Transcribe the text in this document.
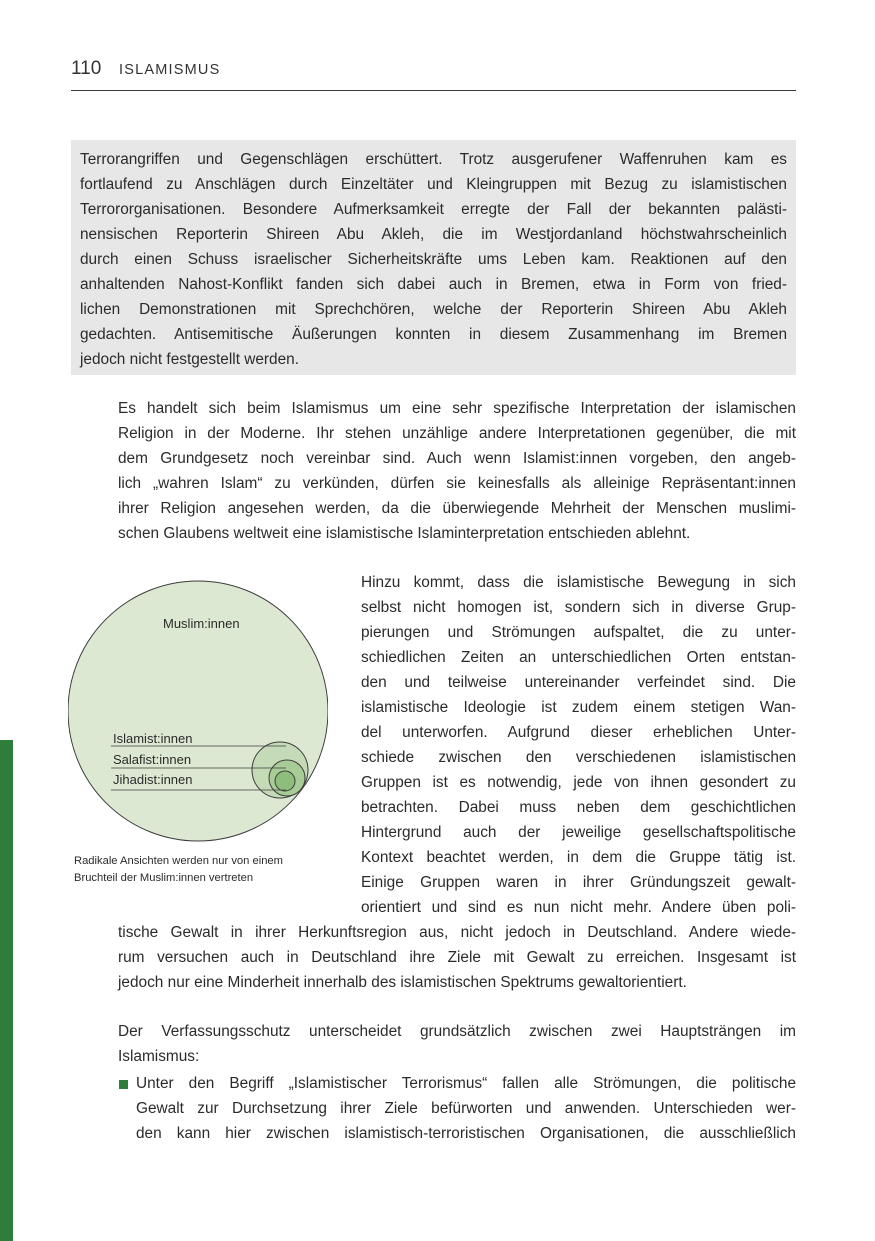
110 ISLAMISMUS
Terrorangriffen und Gegenschlägen erschüttert. Trotz ausgerufener Waffenruhen kam es
fortlaufend zu Anschlägen durch Einzeltäter und Kleingruppen mit Bezug zu islamistischen
Terrororganisationen. Besondere Aufmerksamkeit erregte der Fall der bekannten palästi-
nensischen Reporterin Shireen Abu Akleh, die im Westjordanland höchstwahrscheinlich
durch einen Schuss israelischer Sicherheitskräfte ums Leben kam. Reaktionen auf den
anhaltenden Nahost-Konflikt fanden sich dabei auch in Bremen, etwa in Form von fried-
lichen Demonstrationen mit Sprechchören, welche der Reporterin Shireen Abu Akleh
gedachten. Antisemitische Äußerungen konnten in diesem Zusammenhang im Bremen
jedoch nicht festgestellt werden.
Es handelt sich beim Islamismus um eine sehr spezifische Interpretation der islamischen
Religion in der Moderne. Ihr stehen unzählige andere Interpretationen gegenüber, die mit
dem Grundgesetz noch vereinbar sind. Auch wenn Islamist:innen vorgeben, den angeb-
lich „wahren Islam“ zu verkünden, dürfen sie keinesfalls als alleinige Repräsentant:innen
ihrer Religion angesehen werden, da die überwiegende Mehrheit der Menschen muslimi-
schen Glaubens weltweit eine islamistische Islaminterpretation entschieden ablehnt.
Muslim:innen
Islamist:innen
Salafist:innen
Jihadist:innen
Radikale Ansichten werden nur von einem
Bruchteil der Muslim:innen vertreten
Hinzu kommt, dass die islamistische Bewegung in sich
selbst nicht homogen ist, sondern sich in diverse Grup-
pierungen und Strömungen aufspaltet, die zu unter-
schiedlichen Zeiten an unterschiedlichen Orten entstan-
den und teilweise untereinander verfeindet sind. Die
islamistische Ideologie ist zudem einem stetigen Wan-
del unterworfen. Aufgrund dieser erheblichen Unter-
schiede zwischen den verschiedenen islamistischen
Gruppen ist es notwendig, jede von ihnen gesondert zu
betrachten. Dabei muss neben dem geschichtlichen
Hintergrund auch der jeweilige gesellschaftspolitische
Kontext beachtet werden, in dem die Gruppe tätig ist.
Einige Gruppen waren in ihrer Gründungszeit gewalt-
orientiert und sind es nun nicht mehr. Andere üben poli-
tische Gewalt in ihrer Herkunftsregion aus, nicht jedoch in Deutschland. Andere wiede-
rum versuchen auch in Deutschland ihre Ziele mit Gewalt zu erreichen. Insgesamt ist
jedoch nur eine Minderheit innerhalb des islamistischen Spektrums gewaltorientiert.
Der Verfassungsschutz unterscheidet grundsätzlich zwischen zwei Hauptsträngen im
Islamismus:
Unter den Begriff „Islamistischer Terrorismus“ fallen alle Strömungen, die politische
Gewalt zur Durchsetzung ihrer Ziele befürworten und anwenden. Unterschieden wer-
den kann hier zwischen islamistisch-terroristischen Organisationen, die ausschließlich
